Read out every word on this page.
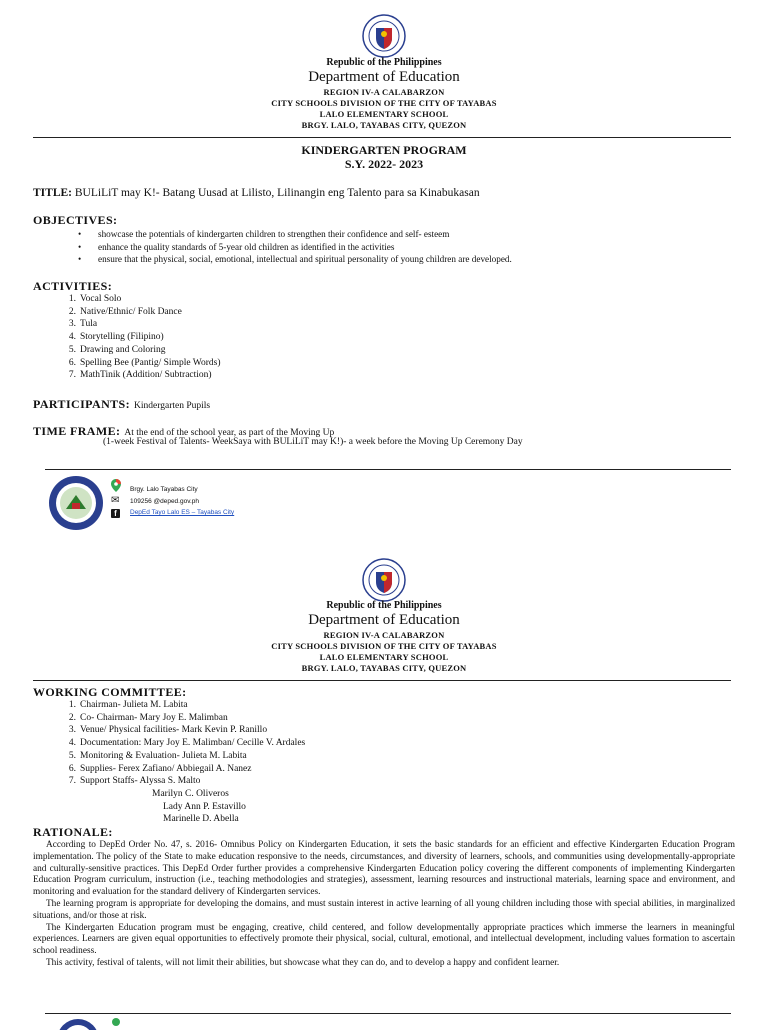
Republic of the Philippines
Department of Education
REGION IV-A CALABARZON
CITY SCHOOLS DIVISION OF THE CITY OF TAYABAS
LALO ELEMENTARY SCHOOL
BRGY. LALO, TAYABAS CITY, QUEZON
KINDERGARTEN PROGRAM
S.Y. 2022- 2023
TITLE: BULiLiT may K!- Batang Uusad at Lilisto, Lilinangin eng Talento para sa Kinabukasan
OBJECTIVES:
• showcase the potentials of kindergarten children to strengthen their confidence and self- esteem
• enhance the quality standards of 5-year old children as identified in the activities
• ensure that the physical, social, emotional, intellectual and spiritual personality of young children are developed.
ACTIVITIES:
1. Vocal Solo
2. Native/Ethnic/ Folk Dance
3. Tula
4. Storytelling (Filipino)
5. Drawing and Coloring
6. Spelling Bee (Pantig/ Simple Words)
7. MathTinik (Addition/ Subtraction)
PARTICIPANTS: Kindergarten Pupils
TIME FRAME: At the end of the school year, as part of the Moving Up
(1-week Festival of Talents- WeekSaya with BULiLiT may K!)- a week before the Moving Up Ceremony Day
Brgy. Lalo Tayabas City
✉ 109256 @deped.gov.ph
f	DepEd Tayo Lalo ES – Tayabas City
Republic of the Philippines
Department of Education
REGION IV-A CALABARZON
CITY SCHOOLS DIVISION OF THE CITY OF TAYABAS
LALO ELEMENTARY SCHOOL
BRGY. LALO, TAYABAS CITY, QUEZON
WORKING COMMITTEE:
1. Chairman- Julieta M. Labita
2. Co- Chairman- Mary Joy E. Malimban
3. Venue/ Physical facilities- Mark Kevin P. Ranillo
4. Documentation: Mary Joy E. Malimban/ Cecille V. Ardales
5. Monitoring & Evaluation- Julieta M. Labita
6. Supplies- Ferex Zafiano/ Abbiegail A. Nanez
7. Support Staffs- Alyssa S. Malto
Marilyn C. Oliveros
Lady Ann P. Estavillo
Marinelle D. Abella
RATIONALE:
According to DepEd Order No. 47, s. 2016- Omnibus Policy on Kindergarten Education, it sets the basic standards for an efficient and effective Kindergarten Education Program implementation. The policy of the State to make education responsive to the needs, circumstances, and diversity of learners, schools, and communities using developmentally-appropriate and culturally-sensitive practices. This DepEd Order further provides a comprehensive Kindergarten Education policy covering the different components of implementing Kindergarten Education Program curriculum, instruction (i.e., teaching methodologies and strategies), assessment, learning resources and instructional materials, learning space and environment, and monitoring and evaluation for the standard delivery of Kindergarten services.
The learning program is appropriate for developing the domains, and must sustain interest in active learning of all young children including those with special abilities, in marginalized situations, and/or those at risk.
The Kindergarten Education program must be engaging, creative, child centered, and follow developmentally appropriate practices which immerse the learners in meaningful experiences. Learners are given equal opportunities to effectively promote their physical, social, cultural, emotional, and intellectual development, including values formation to ascertain school readiness.
This activity, festival of talents, will not limit their abilities, but showcase what they can do, and to develop a happy and confident learner.
